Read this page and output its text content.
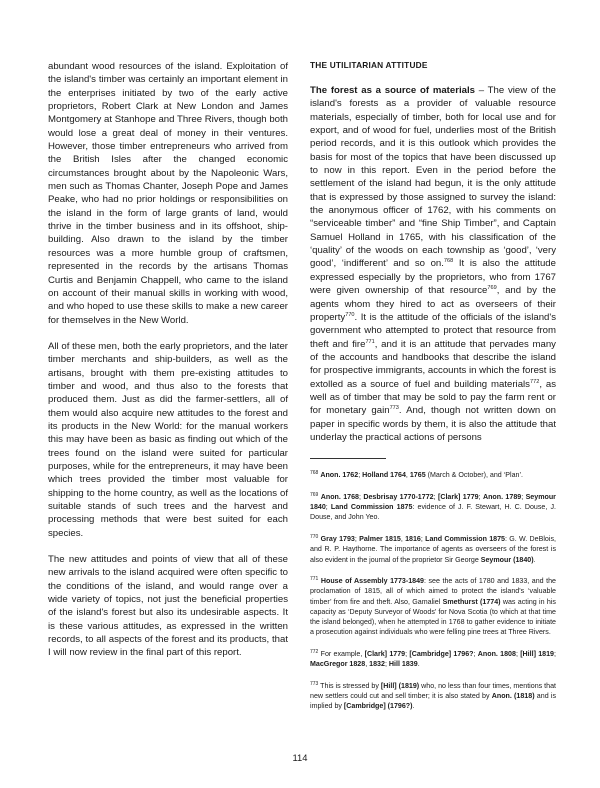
abundant wood resources of the island. Exploitation of the island's timber was certainly an important element in the enterprises initiated by two of the early active proprietors, Robert Clark at New London and James Montgomery at Stanhope and Three Rivers, though both would lose a great deal of money in their ventures. However, those timber entrepreneurs who arrived from the British Isles after the changed economic circumstances brought about by the Napoleonic Wars, men such as Thomas Chanter, Joseph Pope and James Peake, who had no prior holdings or responsibilities on the island in the form of large grants of land, would thrive in the timber business and in its offshoot, ship-building. Also drawn to the island by the timber resources was a more humble group of craftsmen, represented in the records by the artisans Thomas Curtis and Benjamin Chappell, who came to the island on account of their manual skills in working with wood, and who hoped to use these skills to make a new career for themselves in the New World.

All of these men, both the early proprietors, and the later timber merchants and ship-builders, as well as the artisans, brought with them pre-existing attitudes to timber and wood, and thus also to the forests that produced them. Just as did the farmer-settlers, all of them would also acquire new attitudes to the forest and its products in the New World: for the manual workers this may have been as basic as finding out which of the trees found on the island were suited for particular purposes, while for the entrepreneurs, it may have been which trees provided the timber most valuable for shipping to the home country, as well as the locations of suitable stands of such trees and the harvest and processing methods that were best suited for each species.

The new attitudes and points of view that all of these new arrivals to the island acquired were often specific to the conditions of the island, and would range over a wide variety of topics, not just the beneficial properties of the island's forest but also its undesirable aspects. It is these various attitudes, as expressed in the written records, to all aspects of the forest and its products, that I will now review in the final part of this report.

THE UTILITARIAN ATTITUDE

The forest as a source of materials – The view of the island's forests as a provider of valuable resource materials, especially of timber, both for local use and for export, and of wood for fuel, underlies most of the British period records, and it is this outlook which provides the basis for most of the topics that have been discussed up to now in this report. Even in the period before the settlement of the island had begun, it is the only attitude that is expressed by those assigned to survey the island: the anonymous officer of 1762, with his comments on “serviceable timber” and “fine Ship Timber”, and Captain Samuel Holland in 1765, with his classification of the ‘quality’ of the woods on each township as ‘good’, ‘very good’, ‘indifferent’ and so on.$^{768}$ It is also the attitude expressed especially by the proprietors, who from 1767 were given ownership of that resource$^{769}$, and by the agents whom they hired to act as overseers of their property$^{770}$. It is the attitude of the officials of the island's government who attempted to protect that resource from theft and fire$^{771}$, and it is an attitude that pervades many of the accounts and handbooks that describe the island for prospective immigrants, accounts in which the forest is extolled as a source of fuel and building materials$^{772}$, as well as of timber that may be sold to pay the farm rent or for monetary gain$^{773}$. And, though not written down on paper in specific words by them, it is also the attitude that underlay the practical actions of persons

$^{768}$ Anon. 1762; Holland 1764, 1765 (March & October), and ‘Plan’.

$^{769}$ Anon. 1768; Desbrisay 1770-1772; [Clark] 1779; Anon. 1789; Seymour 1840; Land Commission 1875: evidence of J. F. Stewart, H. C. Douse, J. Douse, and John Yeo.

$^{770}$ Gray 1793; Palmer 1815, 1816; Land Commission 1875: G. W. DeBlois, and R. P. Haythorne. The importance of agents as overseers of the forest is also evident in the journal of the proprietor Sir George Seymour (1840).

$^{771}$ House of Assembly 1773-1849: see the acts of 1780 and 1833, and the proclamation of 1815, all of which aimed to protect the island's ‘valuable timber’ from fire and theft. Also, Gamaliel Smethurst (1774) was acting in his capacity as ‘Deputy Surveyor of Woods’ for Nova Scotia (to which at that time the island belonged), when he attempted in 1768 to gather evidence to initiate a prosecution against individuals who were felling pine trees at Three Rivers.

$^{772}$ For example, [Clark] 1779; [Cambridge] 1796?; Anon. 1808; [Hill] 1819; MacGregor 1828, 1832; Hill 1839.

$^{773}$ This is stressed by [Hill] (1819) who, no less than four times, mentions that new settlers could cut and sell timber; it is also stated by Anon. (1818) and is implied by [Cambridge] (1796?).

114
